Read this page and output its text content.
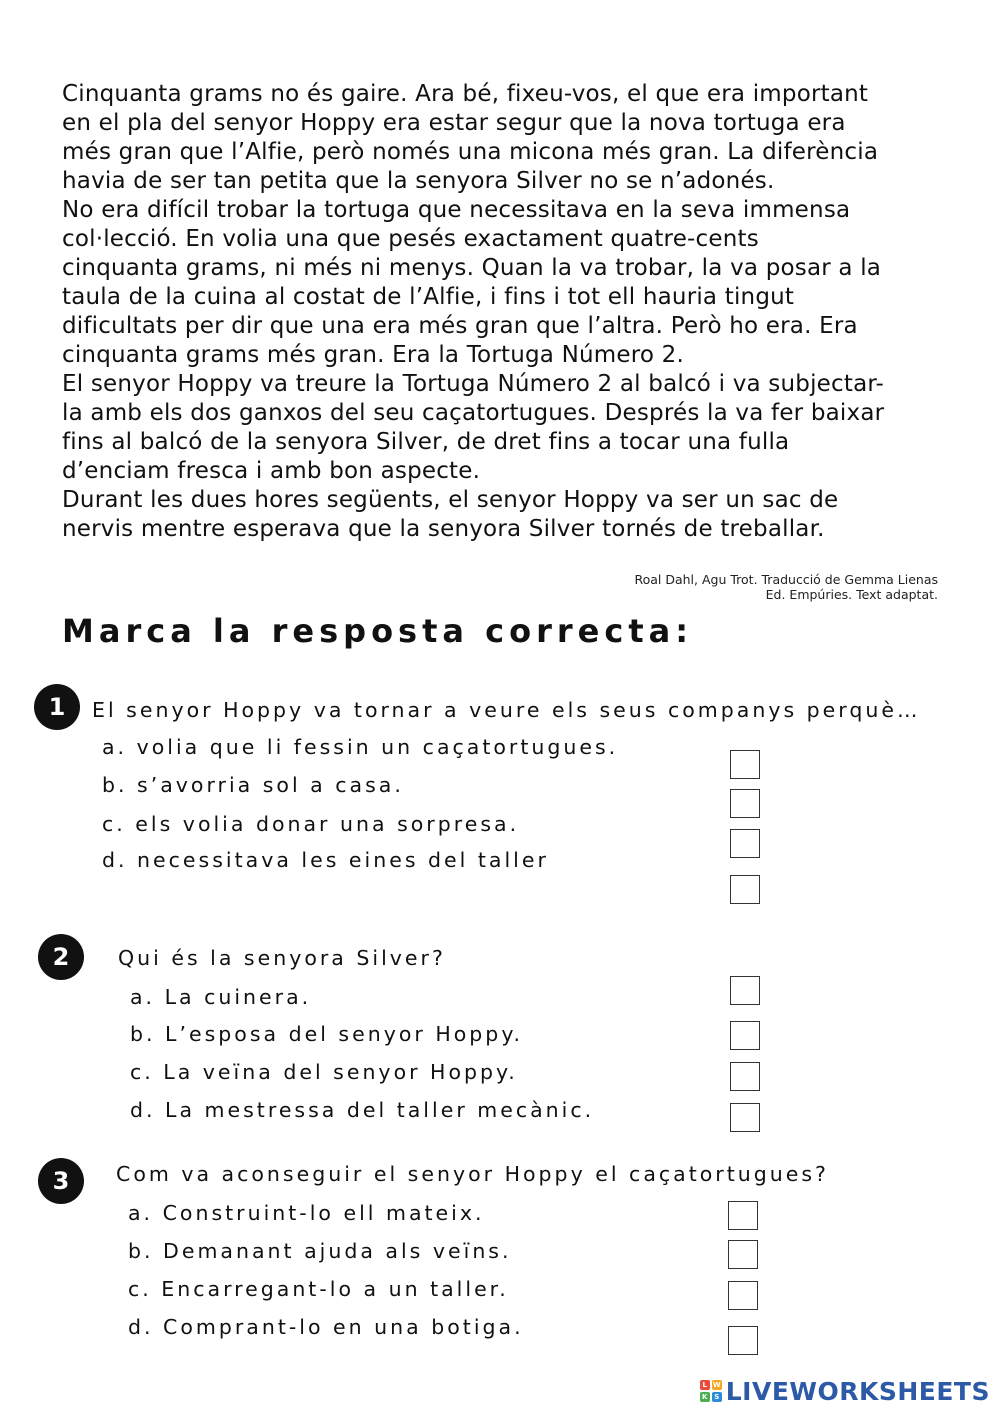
Cinquanta grams no és gaire. Ara bé, fixeu-vos, el que era important
en el pla del senyor Hoppy era estar segur que la nova tortuga era
més gran que l’Alfie, però només una micona més gran. La diferència
havia de ser tan petita que la senyora Silver no se n’adonés.
No era difícil trobar la tortuga que necessitava en la seva immensa
col·lecció. En volia una que pesés exactament quatre-cents
cinquanta grams, ni més ni menys. Quan la va trobar, la va posar a la
taula de la cuina al costat de l’Alfie, i fins i tot ell hauria tingut
dificultats per dir que una era més gran que l’altra. Però ho era. Era
cinquanta grams més gran. Era la Tortuga Número 2.
El senyor Hoppy va treure la Tortuga Número 2 al balcó i va subjectar-
la amb els dos ganxos del seu caçatortugues. Després la va fer baixar
fins al balcó de la senyora Silver, de dret fins a tocar una fulla
d’enciam fresca i amb bon aspecte.
Durant les dues hores següents, el senyor Hoppy va ser un sac de
nervis mentre esperava que la senyora Silver tornés de treballar.
Roal Dahl, Agu Trot. Traducció de Gemma Lienas
Ed. Empúries. Text adaptat.
Marca la resposta correcta:
1	El senyor Hoppy va tornar a veure els seus companys perquè…
a. volia que li fessin un caçatortugues.
b. s’avorria sol a casa.
c. els volia donar una sorpresa.
d. necessitava les eines del taller
2	Qui és la senyora Silver?
a. La cuinera.
b. L’esposa del senyor Hoppy.
c. La veïna del senyor Hoppy.
d. La mestressa del taller mecànic.
3	Com va aconseguir el senyor Hoppy el caçatortugues?
a. Construint-lo ell mateix.
b. Demanant ajuda als veïns.
c. Encarregant-lo a un taller.
d. Comprant-lo en una botiga.
L W
K S LIVEWORKSHEETS
